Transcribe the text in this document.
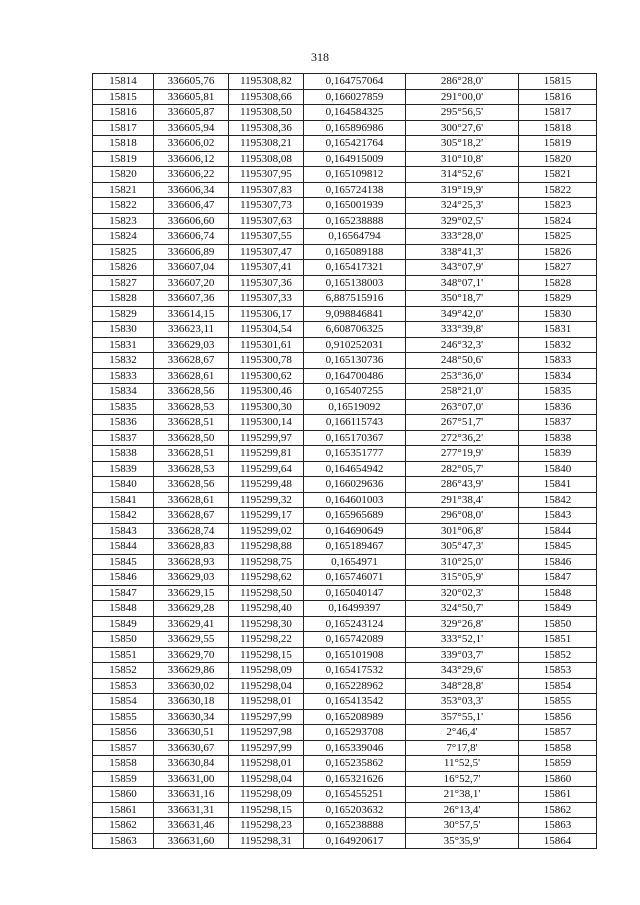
318
15814	336605,76	1195308,82	0,164757064	286°28,0'	15815
15815	336605,81	1195308,66	0,166027859	291°00,0'	15816
15816	336605,87	1195308,50	0,164584325	295°56,5'	15817
15817	336605,94	1195308,36	0,165896986	300°27,6'	15818
15818	336606,02	1195308,21	0,165421764	305°18,2'	15819
15819	336606,12	1195308,08	0,164915009	310°10,8'	15820
15820	336606,22	1195307,95	0,165109812	314°52,6'	15821
15821	336606,34	1195307,83	0,165724138	319°19,9'	15822
15822	336606,47	1195307,73	0,165001939	324°25,3'	15823
15823	336606,60	1195307,63	0,165238888	329°02,5'	15824
15824	336606,74	1195307,55	0,16564794	333°28,0'	15825
15825	336606,89	1195307,47	0,165089188	338°41,3'	15826
15826	336607,04	1195307,41	0,165417321	343°07,9'	15827
15827	336607,20	1195307,36	0,165138003	348°07,1'	15828
15828	336607,36	1195307,33	6,887515916	350°18,7'	15829
15829	336614,15	1195306,17	9,098846841	349°42,0'	15830
15830	336623,11	1195304,54	6,608706325	333°39,8'	15831
15831	336629,03	1195301,61	0,910252031	246°32,3'	15832
15832	336628,67	1195300,78	0,165130736	248°50,6'	15833
15833	336628,61	1195300,62	0,164700486	253°36,0'	15834
15834	336628,56	1195300,46	0,165407255	258°21,0'	15835
15835	336628,53	1195300,30	0,16519092	263°07,0'	15836
15836	336628,51	1195300,14	0,166115743	267°51,7'	15837
15837	336628,50	1195299,97	0,165170367	272°36,2'	15838
15838	336628,51	1195299,81	0,165351777	277°19,9'	15839
15839	336628,53	1195299,64	0,164654942	282°05,7'	15840
15840	336628,56	1195299,48	0,166029636	286°43,9'	15841
15841	336628,61	1195299,32	0,164601003	291°38,4'	15842
15842	336628,67	1195299,17	0,165965689	296°08,0'	15843
15843	336628,74	1195299,02	0,164690649	301°06,8'	15844
15844	336628,83	1195298,88	0,165189467	305°47,3'	15845
15845	336628,93	1195298,75	0,1654971	310°25,0'	15846
15846	336629,03	1195298,62	0,165746071	315°05,9'	15847
15847	336629,15	1195298,50	0,165040147	320°02,3'	15848
15848	336629,28	1195298,40	0,16499397	324°50,7'	15849
15849	336629,41	1195298,30	0,165243124	329°26,8'	15850
15850	336629,55	1195298,22	0,165742089	333°52,1'	15851
15851	336629,70	1195298,15	0,165101908	339°03,7'	15852
15852	336629,86	1195298,09	0,165417532	343°29,6'	15853
15853	336630,02	1195298,04	0,165228962	348°28,8'	15854
15854	336630,18	1195298,01	0,165413542	353°03,3'	15855
15855	336630,34	1195297,99	0,165208989	357°55,1'	15856
15856	336630,51	1195297,98	0,165293708	2°46,4'	15857
15857	336630,67	1195297,99	0,165339046	7°17,8'	15858
15858	336630,84	1195298,01	0,165235862	11°52,5'	15859
15859	336631,00	1195298,04	0,165321626	16°52,7'	15860
15860	336631,16	1195298,09	0,165455251	21°38,1'	15861
15861	336631,31	1195298,15	0,165203632	26°13,4'	15862
15862	336631,46	1195298,23	0,165238888	30°57,5'	15863
15863	336631,60	1195298,31	0,164920617	35°35,9'	15864
